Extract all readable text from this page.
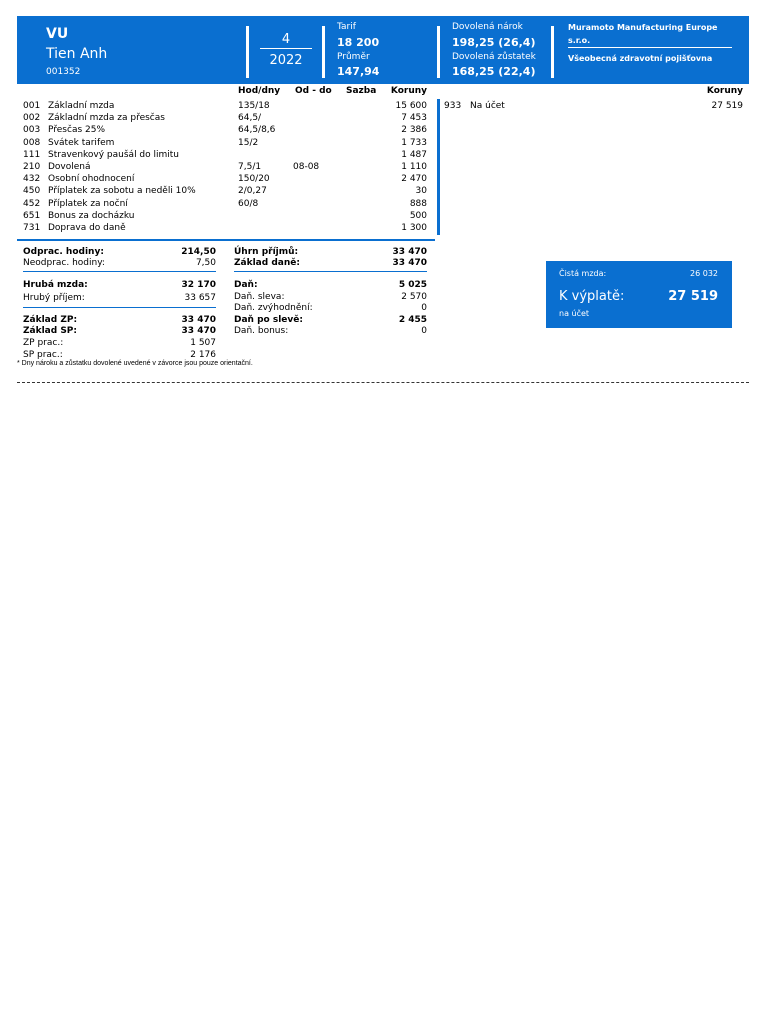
VU
Tien Anh
001352
4
2022
Tarif
18 200
Průměr
147,94
Dovolená nárok
198,25 (26,4)
Dovolená zůstatek
168,25 (22,4)
Muramoto Manufacturing Europe
s.r.o.
Všeobecná zdravotní pojišťovna
Hod/dny Od - do Sazba	Koruny	Koruny
001 Základní mzda	135/18	15 600
002 Základní mzda za přesčas	64,5/	7 453
003 Přesčas 25%	64,5/8,6	2 386
008 Svátek tarifem	15/2	1 733
111 Stravenkový paušál do limitu	1 487
210 Dovolená	7,5/1	08-08	1 110
432 Osobní ohodnocení	150/20	2 470
450 Příplatek za sobotu a neděli 10%	2/0,27	30
452 Příplatek za noční	60/8	888
651 Bonus za docházku	500
731 Doprava do daně	1 300
933 Na účet	27 519
Odprac. hodiny:	214,50
Neodprac. hodiny:	7,50
Hrubá mzda:	32 170
Hrubý příjem:	33 657
Základ ZP:	33 470
Základ SP:	33 470
ZP prac.:	1 507
SP prac.:	2 176
Úhrn příjmů:	33 470
Základ daně:	33 470
Daň:	5 025
Daň. sleva:	2 570
Daň. zvýhodnění:	0
Daň po slevě:	2 455
Daň. bonus:	0
Čistá mzda:	26 032
K výplatě:	27 519
na účet
* Dny nároku a zůstatku dovolené uvedené v závorce jsou pouze orientační.
